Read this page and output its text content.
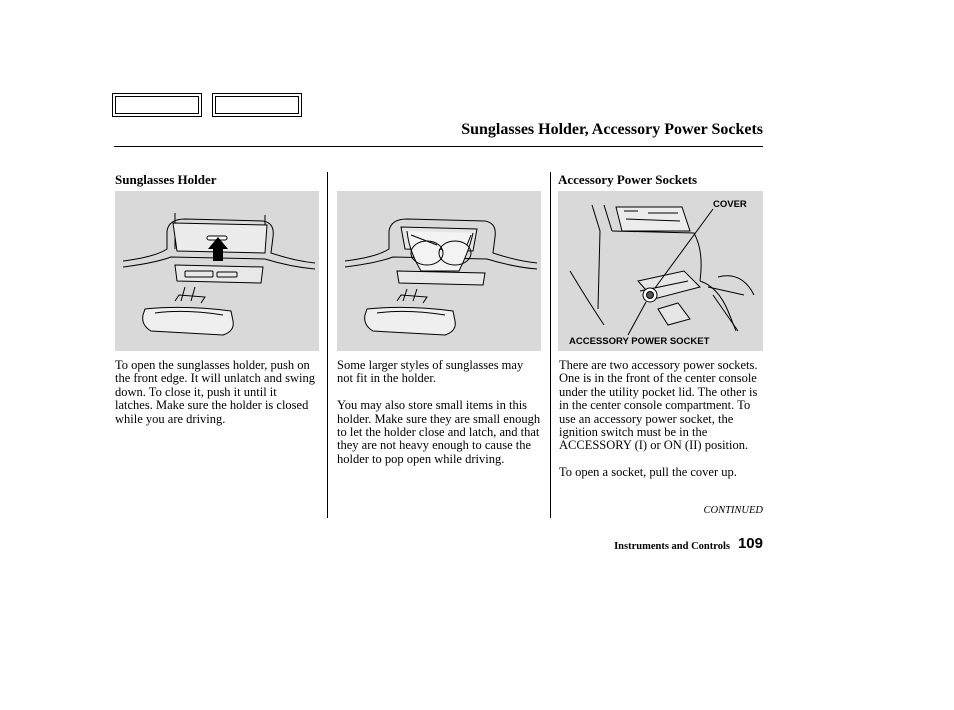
Sunglasses Holder, Accessory Power Sockets
Sunglasses Holder

To open the sunglasses holder, push on the front edge. It will unlatch and swing down. To close it, push it until it latches. Make sure the holder is closed while you are driving.

Some larger styles of sunglasses may not fit in the holder.

You may also store small items in this holder. Make sure they are small enough to let the holder close and latch, and that they are not heavy enough to cause the holder to pop open while driving.

Accessory Power Sockets
COVER
ACCESSORY POWER SOCKET

There are two accessory power sockets. One is in the front of the center console under the utility pocket lid. The other is in the center console compartment. To use an accessory power socket, the ignition switch must be in the ACCESSORY (I) or ON (II) position.

To open a socket, pull the cover up.

CONTINUED
Instruments and Controls 109
